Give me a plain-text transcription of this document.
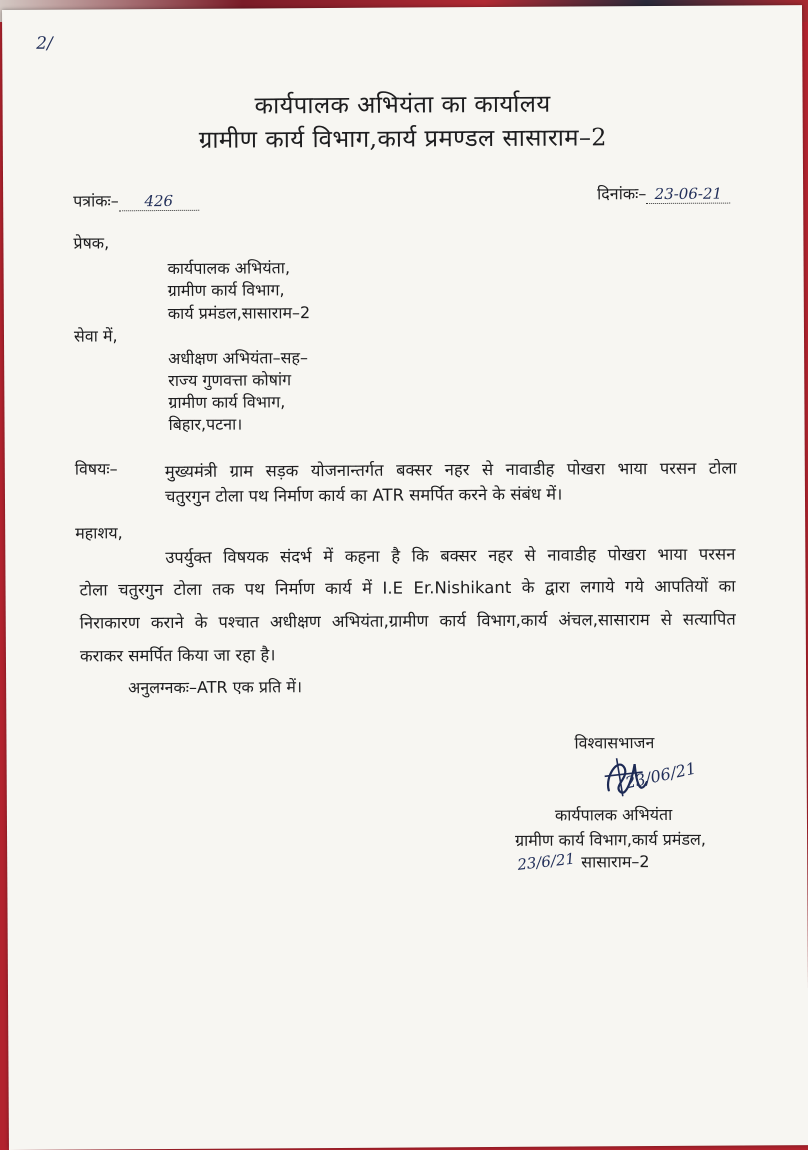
2/
कार्यपालक अभियंता का कार्यालय
ग्रामीण कार्य विभाग,कार्य प्रमण्डल सासाराम–2
पत्रांकः– 426	दिनांकः– 23-06-21
प्रेषक,
कार्यपालक अभियंता,
ग्रामीण कार्य विभाग,
कार्य प्रमंडल,सासाराम–2
सेवा में,
अधीक्षण अभियंता–सह–
राज्य गुणवत्ता कोषांग
ग्रामीण कार्य विभाग,
बिहार,पटना।
विषयः–	मुख्यमंत्री ग्राम सड़क योजनान्तर्गत बक्सर नहर से नावाडीह पोखरा भाया परसन टोला
चतुरगुन टोला पथ निर्माण कार्य का ATR समर्पित करने के संबंध में।
महाशय,
उपर्युक्त विषयक संदर्भ में कहना है कि बक्सर नहर से नावाडीह पोखरा भाया परसन
टोला चतुरगुन टोला तक पथ निर्माण कार्य में I.E Er.Nishikant के द्वारा लगाये गये आपतियों का
निराकारण कराने के पश्चात अधीक्षण अभियंता,ग्रामीण कार्य विभाग,कार्य अंचल,सासाराम से सत्यापित
कराकर समर्पित किया जा रहा है।
अनुलग्नकः–ATR एक प्रति में।
विश्वासभाजन
23/06/21
कार्यपालक अभियंता
ग्रामीण कार्य विभाग,कार्य प्रमंडल,
23/6/21 सासाराम–2
